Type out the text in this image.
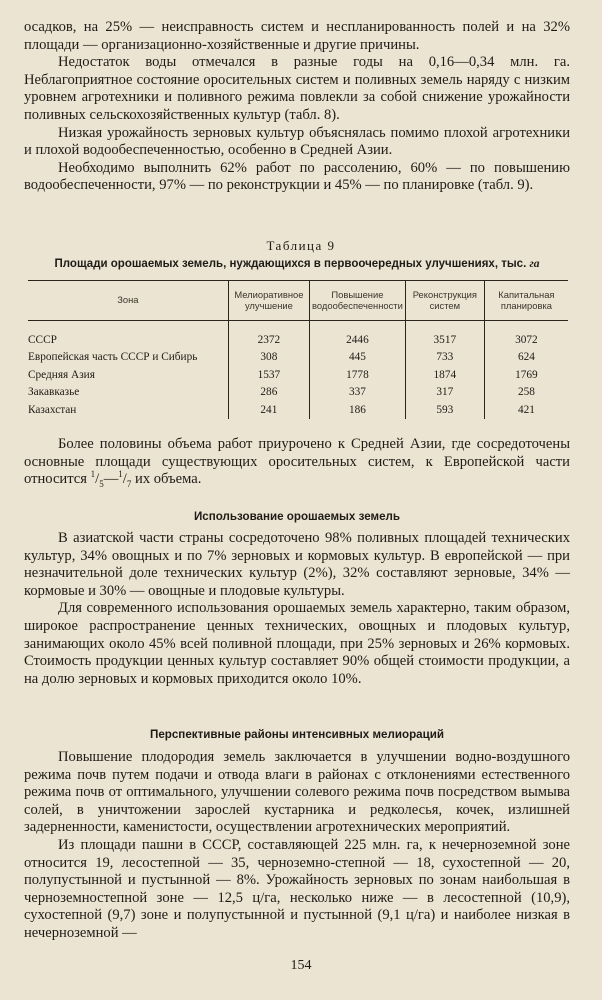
осадков, на 25% — неисправность систем и неспланированность полей и на 32% площади — организационно-хозяйственные и другие причины.

Недостаток воды отмечался в разные годы на 0,16—0,34 млн. га. Неблагоприятное состояние оросительных систем и поливных земель наряду с низким уровнем агротехники и поливного режима повлекли за собой снижение урожайности поливных сельскохозяйственных культур (табл. 8).

Низкая урожайность зерновых культур объяснялась помимо плохой агротехники и плохой водообеспеченностью, особенно в Средней Азии.

Необходимо выполнить 62% работ по рассолению, 60% — по повышению водообеспеченности, 97% — по реконструкции и 45% — по планировке (табл. 9).

Таблица 9
Площади орошаемых земель, нуждающихся в первоочередных улучшениях, тыс. га
Зона	Мелиоративное улучшение	Повышение водообеспеченности	Реконструкция систем	Капитальная планировка
СССР	2372	2446	3517	3072
Европейская часть СССР и Сибирь	308	445	733	624
Средняя Азия	1537	1778	1874	1769
Закавказье	286	337	317	258
Казахстан	241	186	593	421

Более половины объема работ приурочено к Средней Азии, где сосредоточены основные площади существующих оросительных систем, к Европейской части относится $^1/_5—^1/_7$ их объема.

Использование орошаемых земель

В азиатской части страны сосредоточено 98% поливных площадей технических культур, 34% овощных и по 7% зерновых и кормовых культур. В европейской — при незначительной доле технических культур (2%), 32% составляют зерновые, 34% — кормовые и 30% — овощные и плодовые культуры.

Для современного использования орошаемых земель характерно, таким образом, широкое распространение ценных технических, овощных и плодовых культур, занимающих около 45% всей поливной площади, при 25% зерновых и 26% кормовых. Стоимость продукции ценных культур составляет 90% общей стоимости продукции, а на долю зерновых и кормовых приходится около 10%.

Перспективные районы интенсивных мелиораций

Повышение плодородия земель заключается в улучшении водно-воздушного режима почв путем подачи и отвода влаги в районах с отклонениями естественного режима почв от оптимального, улучшении солевого режима почв посредством вымыва солей, в уничтожении зарослей кустарника и редколесья, кочек, излишней задерненности, каменистости, осуществлении агротехнических мероприятий.

Из площади пашни в СССР, составляющей 225 млн. га, к нечерноземной зоне относится 19, лесостепной — 35, черноземно-степной — 18, сухостепной — 20, полупустынной и пустынной — 8%. Урожайность зерновых по зонам наибольшая в черноземностепной зоне — 12,5 ц/га, несколько ниже — в лесостепной (10,9), сухостепной (9,7) зоне и полупустынной и пустынной (9,1 ц/га) и наиболее низкая в нечерноземной —

154
